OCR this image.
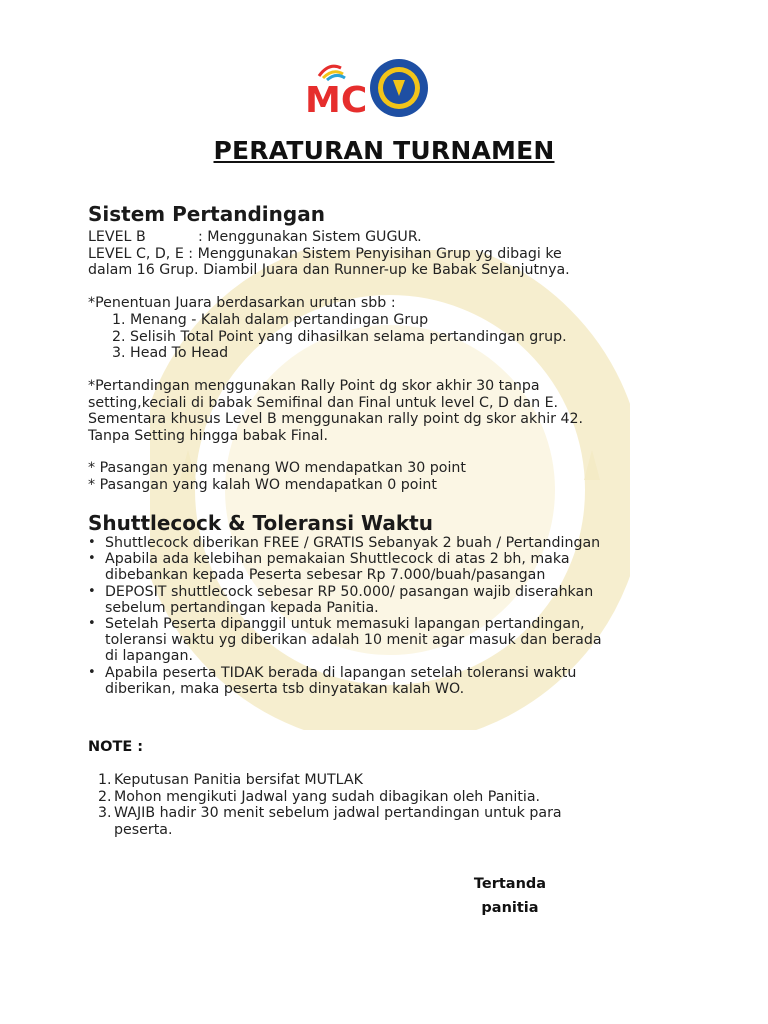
MC
PERATURAN TURNAMEN
Sistem Pertandingan
LEVEL B	: Menggunakan Sistem GUGUR.
LEVEL C, D, E : Menggunakan Sistem Penyisihan Grup yg dibagi ke
dalam 16 Grup. Diambil Juara dan Runner-up ke Babak Selanjutnya.
*Penentuan Juara berdasarkan urutan sbb :
1. Menang - Kalah dalam pertandingan Grup
2. Selisih Total Point yang dihasilkan selama pertandingan grup.
3. Head To Head
*Pertandingan menggunakan Rally Point dg skor akhir 30 tanpa
setting,keciali di babak Semifinal dan Final untuk level C, D dan E.
Sementara khusus Level B menggunakan rally point dg skor akhir 42.
Tanpa Setting hingga babak Final.
* Pasangan yang menang WO mendapatkan 30 point
* Pasangan yang kalah WO mendapatkan 0 point
Shuttlecock & Toleransi Waktu
• Shuttlecock diberikan FREE / GRATIS Sebanyak 2 buah / Pertandingan
• Apabila ada kelebihan pemakaian Shuttlecock di atas 2 bh, maka
dibebankan kepada Peserta sebesar Rp 7.000/buah/pasangan
• DEPOSIT shuttlecock sebesar RP 50.000/ pasangan wajib diserahkan
sebelum pertandingan kepada Panitia.
• Setelah Peserta dipanggil untuk memasuki lapangan pertandingan,
toleransi waktu yg diberikan adalah 10 menit agar masuk dan berada
di lapangan.
• Apabila peserta TIDAK berada di lapangan setelah toleransi waktu
diberikan, maka peserta tsb dinyatakan kalah WO.
NOTE :
1. Keputusan Panitia bersifat MUTLAK
2. Mohon mengikuti Jadwal yang sudah dibagikan oleh Panitia.
3. WAJIB hadir 30 menit sebelum jadwal pertandingan untuk para
peserta.
Tertanda
panitia
